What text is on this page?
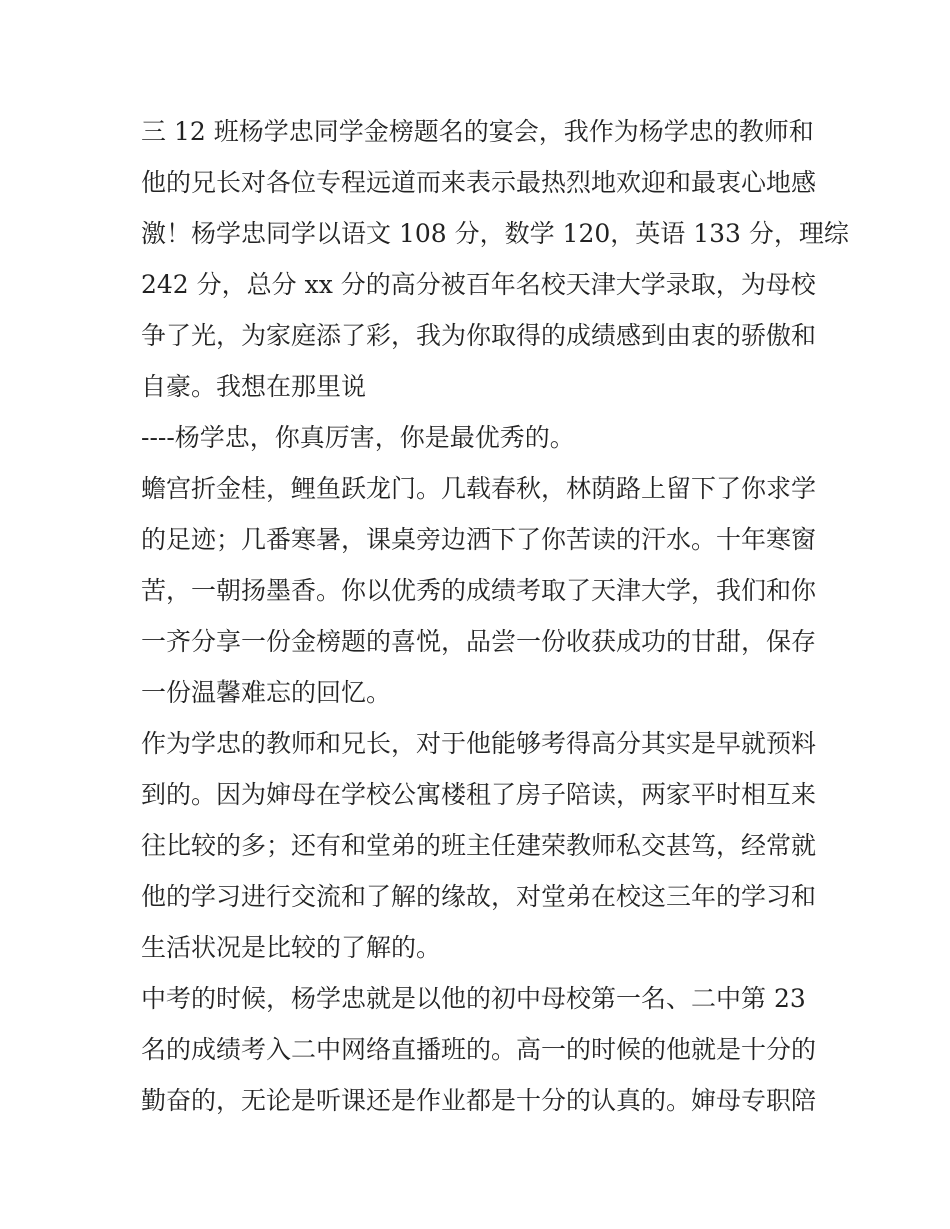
三 12 班杨学忠同学金榜题名的宴会，我作为杨学忠的教师和
他的兄长对各位专程远道而来表示最热烈地欢迎和最衷心地感
激！杨学忠同学以语文 108 分，数学 120，英语 133 分，理综
242 分，总分 xx 分的高分被百年名校天津大学录取，为母校
争了光，为家庭添了彩，我为你取得的成绩感到由衷的骄傲和
自豪。我想在那里说
----杨学忠，你真厉害，你是最优秀的。
蟾宫折金桂，鲤鱼跃龙门。几载春秋，林荫路上留下了你求学
的足迹；几番寒暑，课桌旁边洒下了你苦读的汗水。十年寒窗
苦，一朝扬墨香。你以优秀的成绩考取了天津大学，我们和你
一齐分享一份金榜题的喜悦，品尝一份收获成功的甘甜，保存
一份温馨难忘的回忆。
作为学忠的教师和兄长，对于他能够考得高分其实是早就预料
到的。因为婶母在学校公寓楼租了房子陪读，两家平时相互来
往比较的多；还有和堂弟的班主任建荣教师私交甚笃，经常就
他的学习进行交流和了解的缘故，对堂弟在校这三年的学习和
生活状况是比较的了解的。
中考的时候，杨学忠就是以他的初中母校第一名、二中第 23
名的成绩考入二中网络直播班的。高一的时候的他就是十分的
勤奋的，无论是听课还是作业都是十分的认真的。婶母专职陪
